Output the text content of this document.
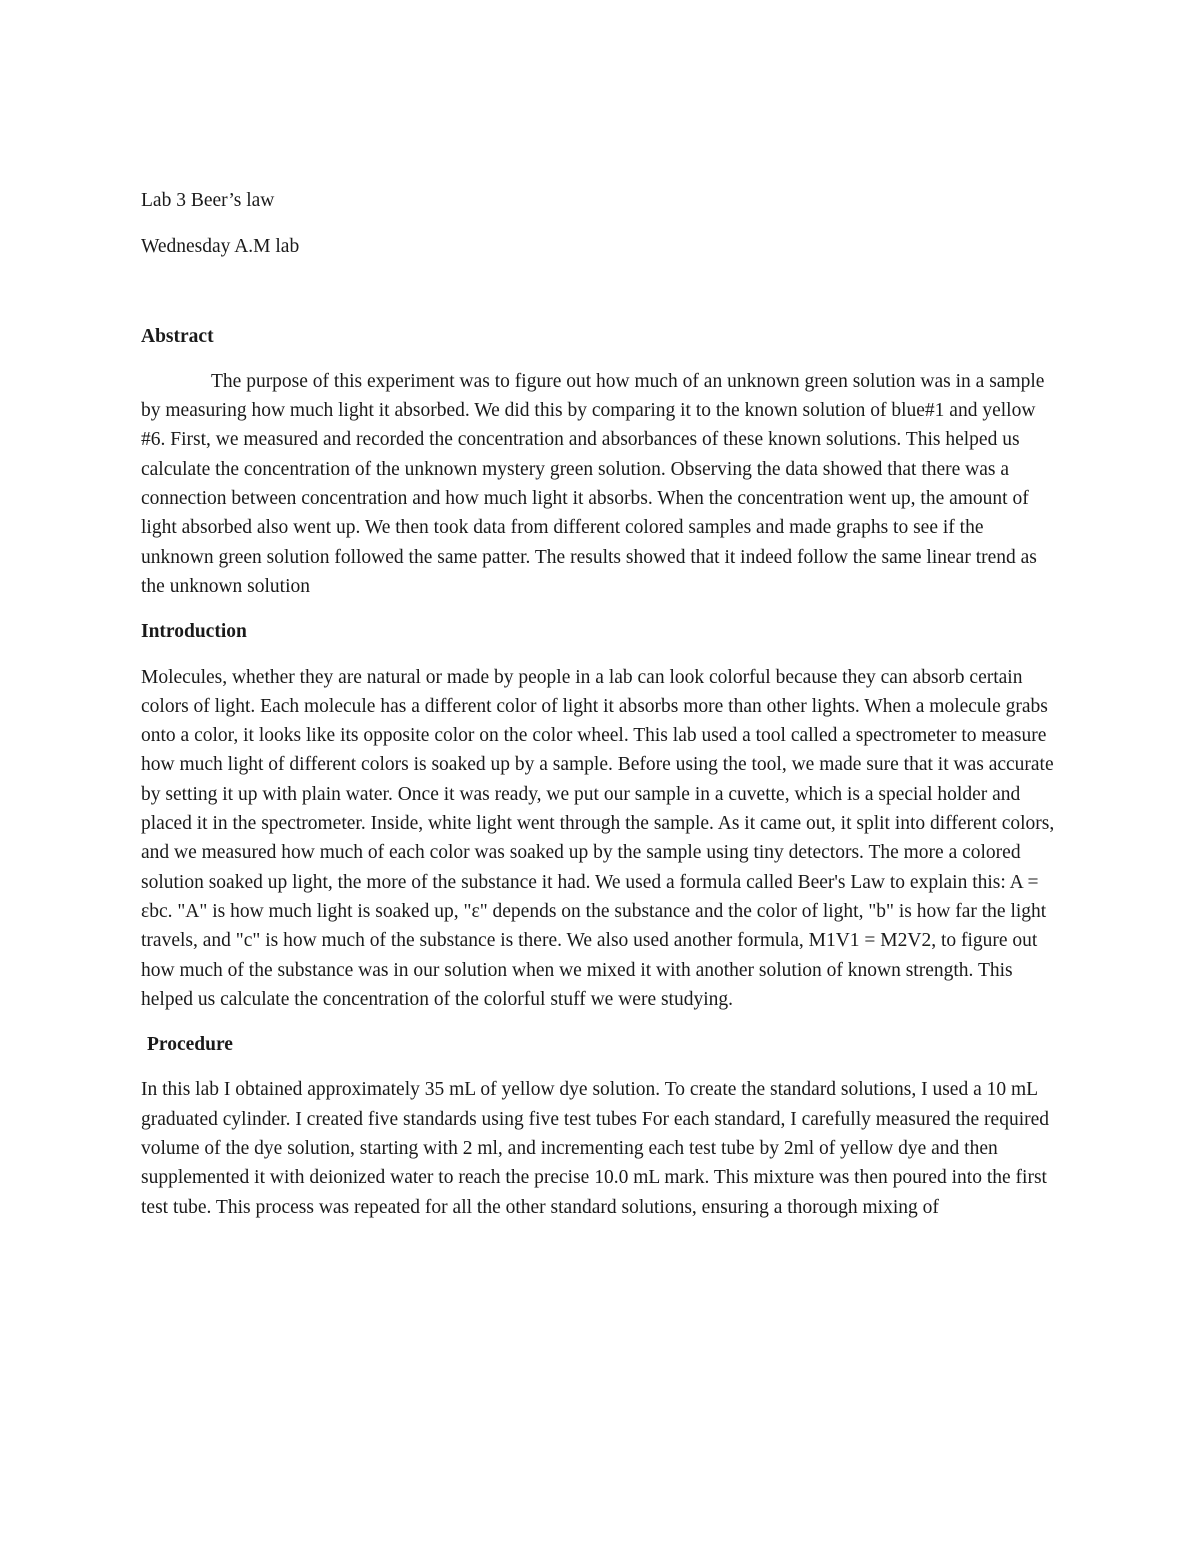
Lab 3 Beer’s law

Wednesday A.M lab

Abstract

The purpose of this experiment was to figure out how much of an unknown green solution was in a sample by measuring how much light it absorbed. We did this by comparing it to the known solution of blue#1 and yellow #6. First, we measured and recorded the concentration and absorbances of these known solutions. This helped us calculate the concentration of the unknown mystery green solution. Observing the data showed that there was a connection between concentration and how much light it absorbs. When the concentration went up, the amount of light absorbed also went up. We then took data from different colored samples and made graphs to see if the unknown green solution followed the same patter. The results showed that it indeed follow the same linear trend as the unknown solution

Introduction

Molecules, whether they are natural or made by people in a lab can look colorful because they can absorb certain colors of light. Each molecule has a different color of light it absorbs more than other lights. When a molecule grabs onto a color, it looks like its opposite color on the color wheel. This lab used a tool called a spectrometer to measure how much light of different colors is soaked up by a sample. Before using the tool, we made sure that it was accurate by setting it up with plain water. Once it was ready, we put our sample in a cuvette, which is a special holder and placed it in the spectrometer. Inside, white light went through the sample. As it came out, it split into different colors, and we measured how much of each color was soaked up by the sample using tiny detectors. The more a colored solution soaked up light, the more of the substance it had. We used a formula called Beer's Law to explain this: A = εbc. "A" is how much light is soaked up, "ε" depends on the substance and the color of light, "b" is how far the light travels, and "c" is how much of the substance is there. We also used another formula, M1V1 = M2V2, to figure out how much of the substance was in our solution when we mixed it with another solution of known strength. This helped us calculate the concentration of the colorful stuff we were studying.

Procedure

In this lab I obtained approximately 35 mL of yellow dye solution. To create the standard solutions, I used a 10 mL graduated cylinder. I created five standards using five test tubes For each standard, I carefully measured the required volume of the dye solution, starting with 2 ml, and incrementing each test tube by 2ml of yellow dye and then supplemented it with deionized water to reach the precise 10.0 mL mark. This mixture was then poured into the first test tube. This process was repeated for all the other standard solutions, ensuring a thorough mixing of
